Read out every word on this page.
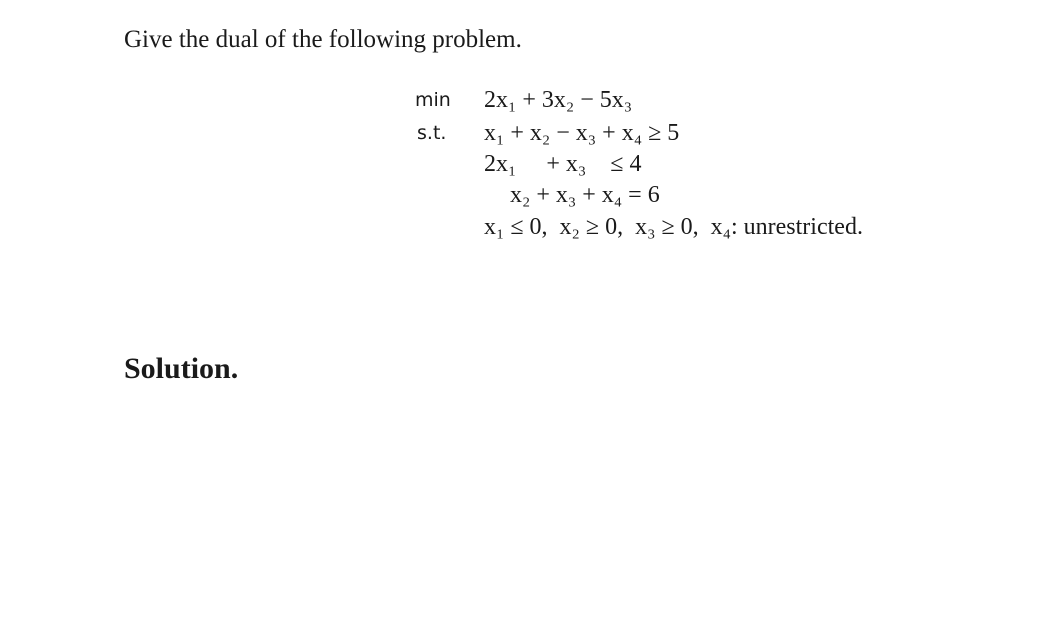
Give the dual of the following problem.
min
s.t.
2x₁ + 3x₂ − 5x₃
x₁ + x₂ − x₃ + x₄ ≥ 5
2x₁     + x₃    ≤ 4
x₂ + x₃ + x₄ = 6
x₁ ≤ 0,  x₂ ≥ 0,  x₃ ≥ 0,  x₄: unrestricted.
Solution.
